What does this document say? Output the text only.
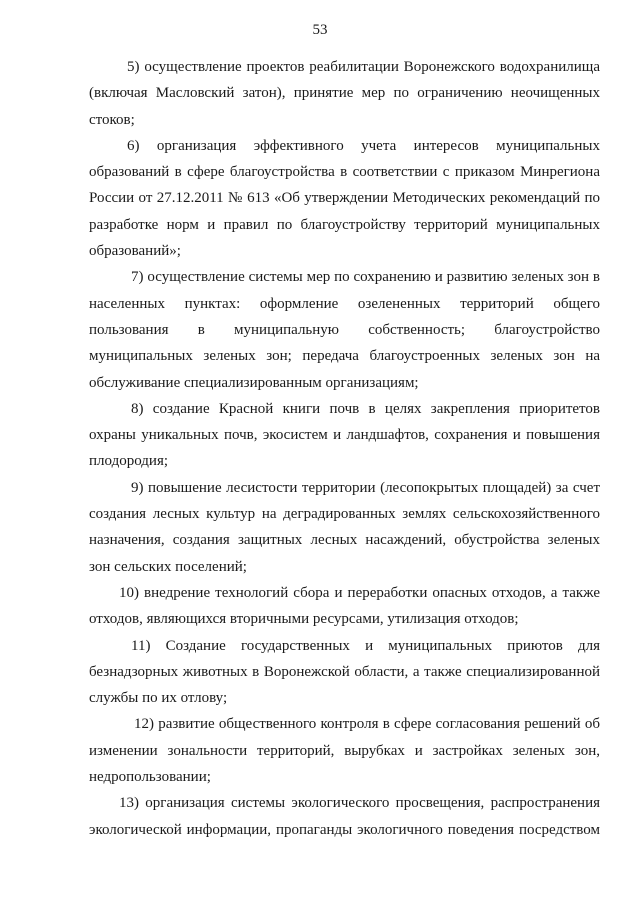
53
5) осуществление проектов реабилитации Воронежского водохранилища
(включая Масловский затон), принятие мер по ограничению неочищенных
стоков;
6) организация эффективного учета интересов муниципальных
образований в сфере благоустройства в соответствии с приказом Минрегиона
России от 27.12.2011 № 613 «Об утверждении Методических рекомендаций по
разработке норм и правил по благоустройству территорий муниципальных
образований»;
7) осуществление системы мер по сохранению и развитию зеленых зон в
населенных пунктах: оформление озелененных территорий общего
пользования в муниципальную собственность; благоустройство
муниципальных зеленых зон; передача благоустроенных зеленых зон на
обслуживание специализированным организациям;
8) создание Красной книги почв в целях закрепления приоритетов
охраны уникальных почв, экосистем и ландшафтов, сохранения и повышения
плодородия;
9) повышение лесистости территории (лесопокрытых площадей) за счет
создания лесных культур на деградированных землях сельскохозяйственного
назначения, создания защитных лесных насаждений, обустройства зеленых
зон сельских поселений;
10) внедрение технологий сбора и переработки опасных отходов, а также
отходов, являющихся вторичными ресурсами, утилизация отходов;
11) Создание государственных и муниципальных приютов для
безнадзорных животных в Воронежской области, а также специализированной
службы по их отлову;
12) развитие общественного контроля в сфере согласования решений об
изменении зональности территорий, вырубках и застройках зеленых зон,
недропользовании;
13) организация системы экологического просвещения, распространения
экологической информации, пропаганды экологичного поведения посредством
